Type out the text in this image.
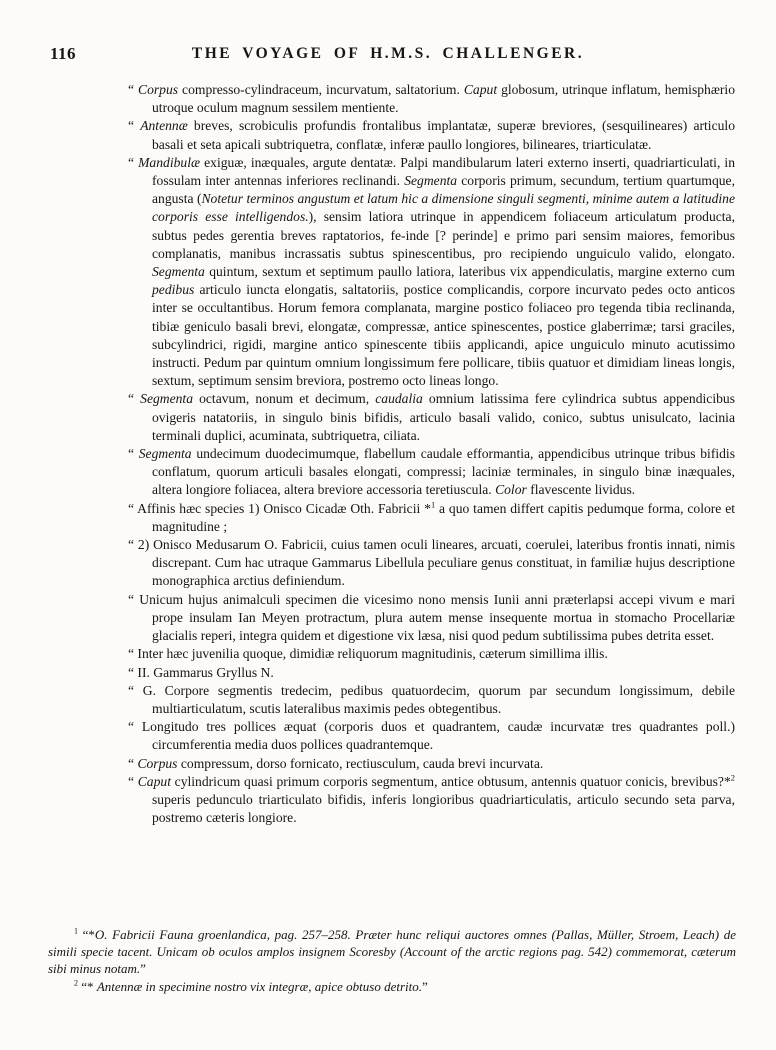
116	THE VOYAGE OF H.M.S. CHALLENGER.

“ Corpus compresso-cylindraceum, incurvatum, saltatorium. Caput globosum, utrinque inflatum, hemisphærio utroque oculum magnum sessilem mentiente.

“ Antennæ breves, scrobiculis profundis frontalibus implantatæ, superæ breviores, (sesquilineares) articulo basali et seta apicali subtriquetra, conflatæ, inferæ paullo longiores, bilineares, triarticulatæ.

“ Mandibulæ exiguæ, inæquales, argute dentatæ. Palpi mandibularum lateri externo inserti, quadriarticulati, in fossulam inter antennas inferiores reclinandi. Segmenta corporis primum, secundum, tertium quartumque, angusta (Notetur terminos angustum et latum hic a dimensione singuli segmenti, minime autem a latitudine corporis esse intelligendos.), sensim latiora utrinque in appendicem foliaceum articulatum producta, subtus pedes gerentia breves raptatorios, fe-inde [? perinde] e primo pari sensim maiores, femoribus complanatis, manibus incrassatis subtus spinescentibus, pro recipiendo unguiculo valido, elongato. Segmenta quintum, sextum et septimum paullo latiora, lateribus vix appendiculatis, margine externo cum pedibus articulo iuncta elongatis, saltatoriis, postice complicandis, corpore incurvato pedes octo anticos inter se occultantibus. Horum femora complanata, margine postico foliaceo pro tegenda tibia reclinanda, tibiæ geniculo basali brevi, elongatæ, compressæ, antice spinescentes, postice glaberrimæ; tarsi graciles, subcylindrici, rigidi, margine antico spinescente tibiis applicandi, apice unguiculo minuto acutissimo instructi. Pedum par quintum omnium longissimum fere pollicare, tibiis quatuor et dimidiam lineas longis, sextum, septimum sensim breviora, postremo octo lineas longo.

“ Segmenta octavum, nonum et decimum, caudalia omnium latissima fere cylindrica subtus appendicibus ovigeris natatoriis, in singulo binis bifidis, articulo basali valido, conico, subtus unisulcato, lacinia terminali duplici, acuminata, subtriquetra, ciliata.

“ Segmenta undecimum duodecimumque, flabellum caudale efformantia, appendicibus utrinque tribus bifidis conflatum, quorum articuli basales elongati, compressi; laciniæ terminales, in singulo binæ inæquales, altera longiore foliacea, altera breviore accessoria teretiuscula. Color flavescente lividus.

“ Affinis hæc species 1) Onisco Cicadæ Oth. Fabricii *$^1$ a quo tamen differt capitis pedumque forma, colore et magnitudine ;

“ 2) Onisco Medusarum O. Fabricii, cuius tamen oculi lineares, arcuati, coerulei, lateribus frontis innati, nimis discrepant. Cum hac utraque Gammarus Libellula peculiare genus constituat, in familiæ hujus descriptione monographica arctius definiendum.

“ Unicum hujus animalculi specimen die vicesimo nono mensis Iunii anni præterlapsi accepi vivum e mari prope insulam Ian Meyen protractum, plura autem mense insequente mortua in stomacho Procellariæ glacialis reperi, integra quidem et digestione vix læsa, nisi quod pedum subtilissima pubes detrita esset.

“ Inter hæc juvenilia quoque, dimidiæ reliquorum magnitudinis, cæterum simillima illis.

“ II. Gammarus Gryllus N.

“ G. Corpore segmentis tredecim, pedibus quatuordecim, quorum par secundum longissimum, debile multiarticulatum, scutis lateralibus maximis pedes obtegentibus.

“ Longitudo tres pollices æquat (corporis duos et quadrantem, caudæ incurvatæ tres quadrantes poll.) circumferentia media duos pollices quadrantemque.

“ Corpus compressum, dorso fornicato, rectiusculum, cauda brevi incurvata.

“ Caput cylindricum quasi primum corporis segmentum, antice obtusum, antennis quatuor conicis, brevibus?*$^2$ superis pedunculo triarticulato bifidis, inferis longioribus quadriarticulatis, articulo secundo seta parva, postremo cæteris longiore.

$^1$ “*O. Fabricii Fauna groenlandica, pag. 257–258. Præter hunc reliqui auctores omnes (Pallas, Müller, Stroem, Leach) de simili specie tacent. Unicam ob oculos amplos insignem Scoresby (Account of the arctic regions pag. 542) commemorat, cæterum sibi minus notam.”

$^2$ “* Antennæ in specimine nostro vix integræ, apice obtuso detrito.”
